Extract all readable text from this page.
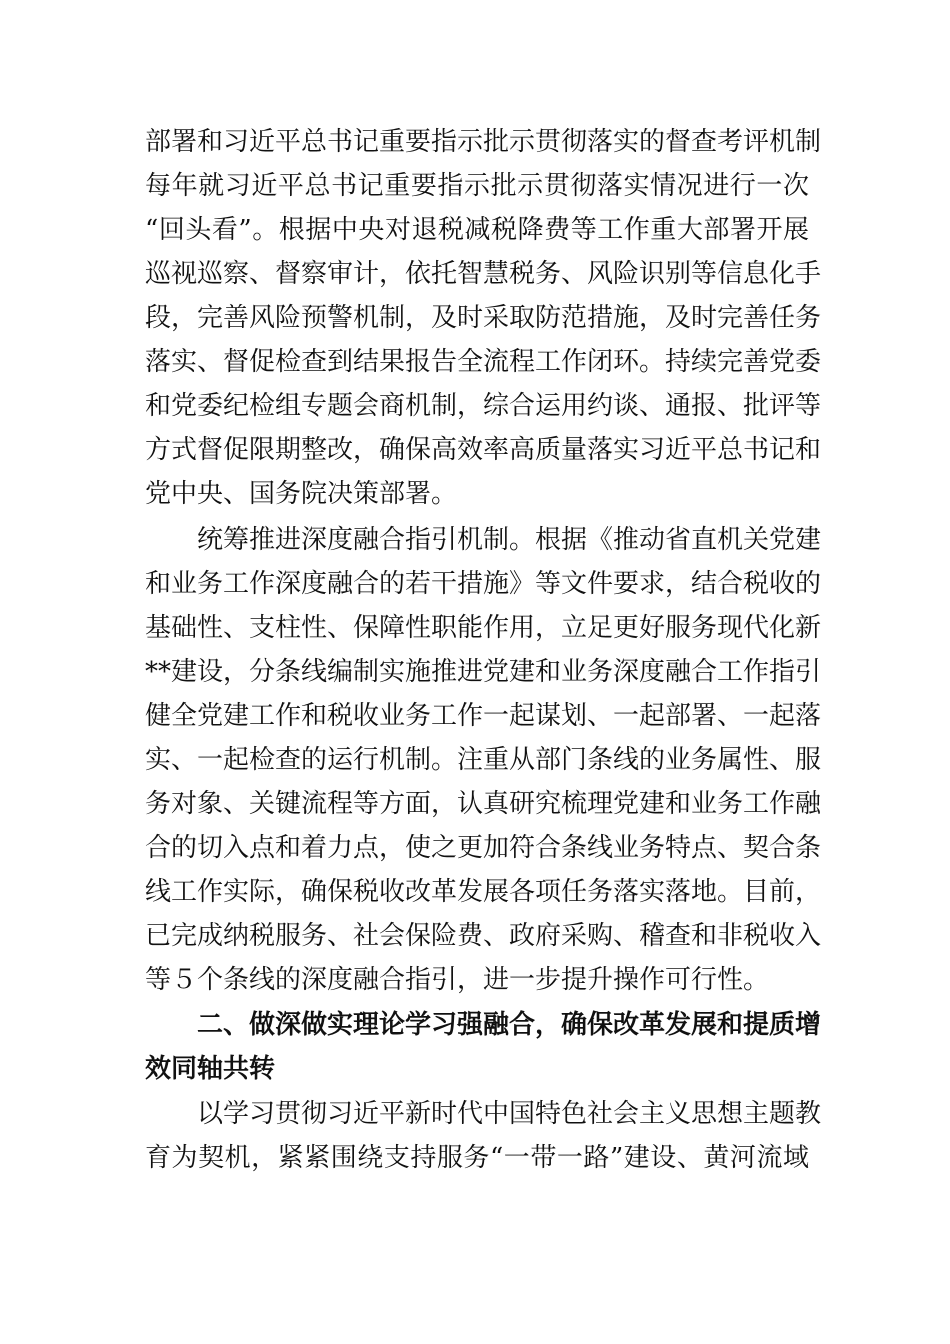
部署和习近平总书记重要指示批示贯彻落实的督查考评机制
每年就习近平总书记重要指示批示贯彻落实情况进行一次
“回头看”。根据中央对退税减税降费等工作重大部署开展
巡视巡察、督察审计，依托智慧税务、风险识别等信息化手
段，完善风险预警机制，及时采取防范措施，及时完善任务
落实、督促检查到结果报告全流程工作闭环。持续完善党委
和党委纪检组专题会商机制，综合运用约谈、通报、批评等
方式督促限期整改，确保高效率高质量落实习近平总书记和
党中央、国务院决策部署。
　　统筹推进深度融合指引机制。根据《推动省直机关党建
和业务工作深度融合的若干措施》等文件要求，结合税收的
基础性、支柱性、保障性职能作用，立足更好服务现代化新
**建设，分条线编制实施推进党建和业务深度融合工作指引
健全党建工作和税收业务工作一起谋划、一起部署、一起落
实、一起检查的运行机制。注重从部门条线的业务属性、服
务对象、关键流程等方面，认真研究梳理党建和业务工作融
合的切入点和着力点，使之更加符合条线业务特点、契合条
线工作实际，确保税收改革发展各项任务落实落地。目前，
已完成纳税服务、社会保险费、政府采购、稽查和非税收入
等５个条线的深度融合指引，进一步提升操作可行性。
　　二、做深做实理论学习强融合，确保改革发展和提质增
效同轴共转
　　以学习贯彻习近平新时代中国特色社会主义思想主题教
育为契机，紧紧围绕支持服务“一带一路”建设、黄河流域
